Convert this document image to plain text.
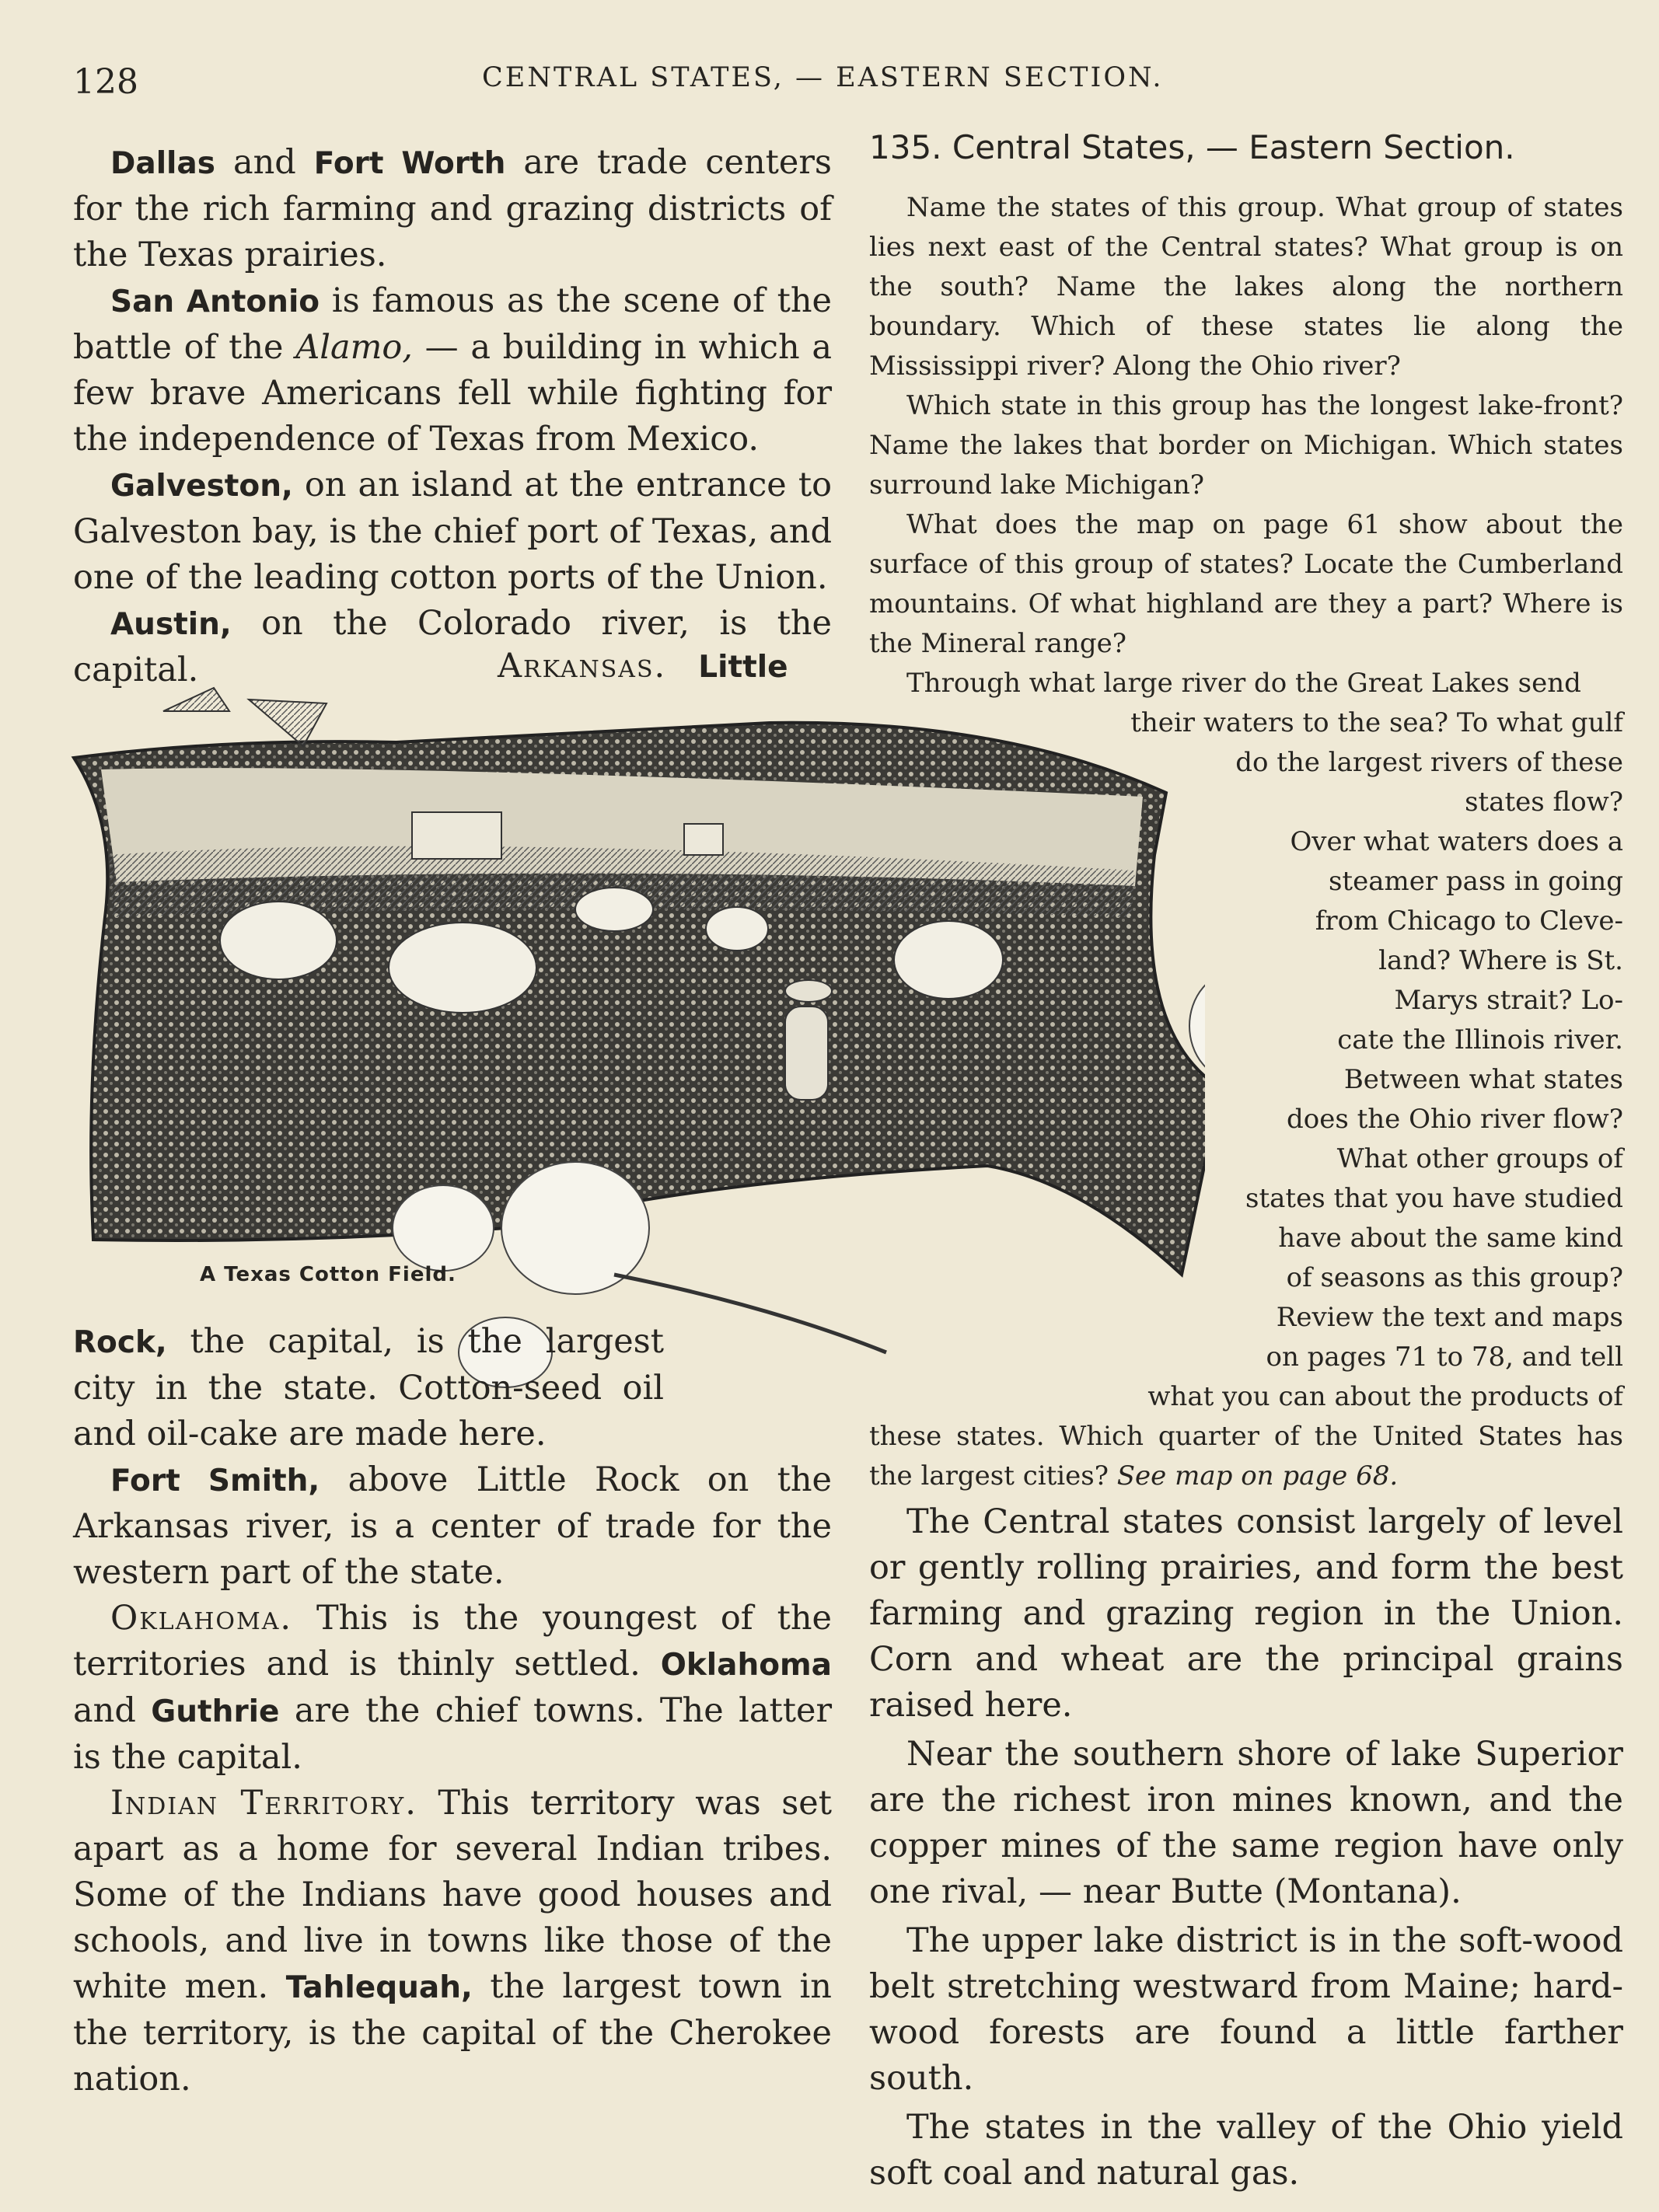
128	CENTRAL STATES, — EASTERN SECTION.

Dallas and Fort Worth are trade centers for the rich farming and grazing districts of the Texas prairies.

San Antonio is famous as the scene of the battle of the Alamo, — a building in which a few brave Americans fell while fighting for the independence of Texas from Mexico.

Galveston, on an island at the entrance to Galveston bay, is the chief port of Texas, and one of the leading cotton ports of the Union.

Austin, on the Colorado river, is the capital.	Arkansas. Little
A Texas Cotton Field.

Rock, the capital, is the largest city in the state. Cotton-seed oil and oil-cake are made here.

Fort Smith, above Little Rock on the Arkansas river, is a center of trade for the western part of the state.

Oklahoma. This is the youngest of the territories and is thinly settled. Oklahoma and Guthrie are the chief towns. The latter is the capital.

Indian Territory. This territory was set apart as a home for several Indian tribes. Some of the Indians have good houses and schools, and live in towns like those of the white men. Tahlequah, the largest town in the territory, is the capital of the Cherokee nation.

135. Central States, — Eastern Section.

Name the states of this group. What group of states lies next east of the Central states? What group is on the south? Name the lakes along the northern boundary. Which of these states lie along the Mississippi river? Along the Ohio river?

Which state in this group has the longest lake-front? Name the lakes that border on Michigan. Which states surround lake Michigan?

What does the map on page 61 show about the surface of this group of states? Locate the Cumberland mountains. Of what highland are they a part? Where is the Mineral range?

Through what large river do the Great Lakes send
their waters to the sea? To what gulf
do the largest rivers of these
states flow?
Over what waters does a
steamer pass in going
from Chicago to Cleve-
land? Where is St.
Marys strait? Lo-
cate the Illinois river.
Between what states
does the Ohio river flow?
What other groups of
states that you have studied
have about the same kind
of seasons as this group?
Review the text and maps
on pages 71 to 78, and tell
what you can about the products of

these states. Which quarter of the United States has the largest cities? See map on page 68.

The Central states consist largely of level or gently rolling prairies, and form the best farming and grazing region in the Union. Corn and wheat are the principal grains raised here.

Near the southern shore of lake Superior are the richest iron mines known, and the copper mines of the same region have only one rival, — near Butte (Montana).

The upper lake district is in the soft-wood belt stretching westward from Maine; hard-wood forests are found a little farther south.

The states in the valley of the Ohio yield soft coal and natural gas.
